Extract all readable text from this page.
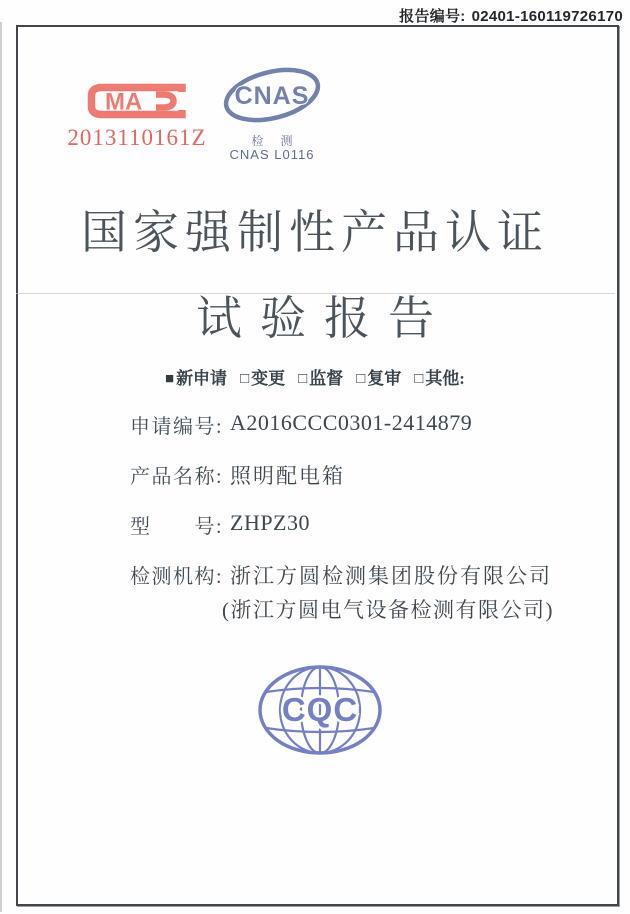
报告编号: 02401-160119726170
MA
2013110161Z
CNAS
检 测
CNAS L0116
国家强制性产品认证
试验报告
■ 新申请 □ 变更 □ 监督 □ 复审 □ 其他:
申请编号: A2016CCC0301-2414879
产品名称: 照明配电箱
型　　号: ZHPZ30
检测机构: 浙江方圆检测集团股份有限公司
(浙江方圆电气设备检测有限公司)
CQC
